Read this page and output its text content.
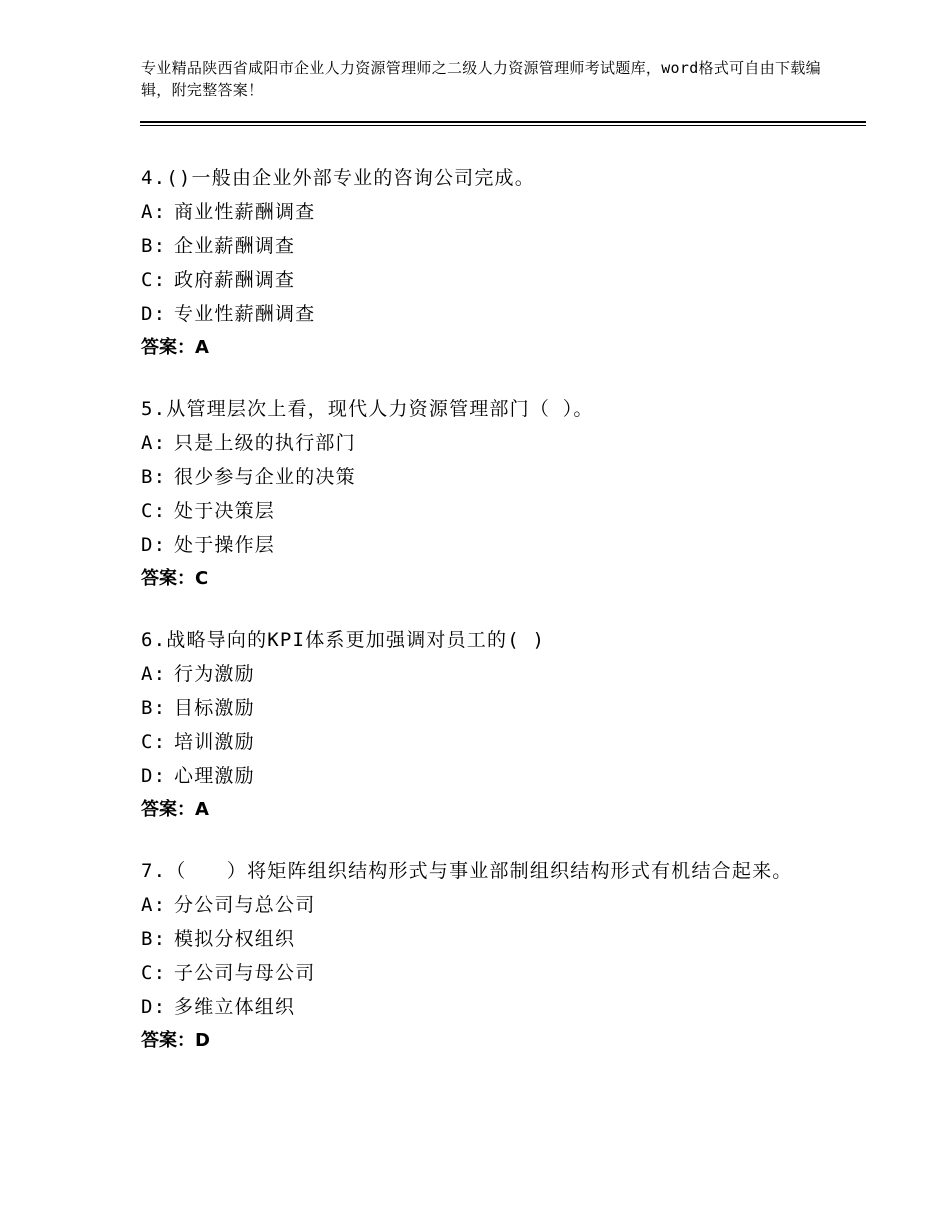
专业精品陕西省咸阳市企业人力资源管理师之二级人力资源管理师考试题库，word格式可自由下载编辑，附完整答案！

4.()一般由企业外部专业的咨询公司完成。

A: 商业性薪酬调查
B: 企业薪酬调查
C: 政府薪酬调查
D: 专业性薪酬调查
答案：A

5.从管理层次上看，现代人力资源管理部门（ ）。

A: 只是上级的执行部门
B: 很少参与企业的决策
C: 处于决策层
D: 处于操作层
答案：C

6.战略导向的KPI体系更加强调对员工的( )

A: 行为激励
B: 目标激励
C: 培训激励
D: 心理激励
答案：A

7.（　　）将矩阵组织结构形式与事业部制组织结构形式有机结合起来。

A: 分公司与总公司
B: 模拟分权组织
C: 子公司与母公司
D: 多维立体组织
答案：D
